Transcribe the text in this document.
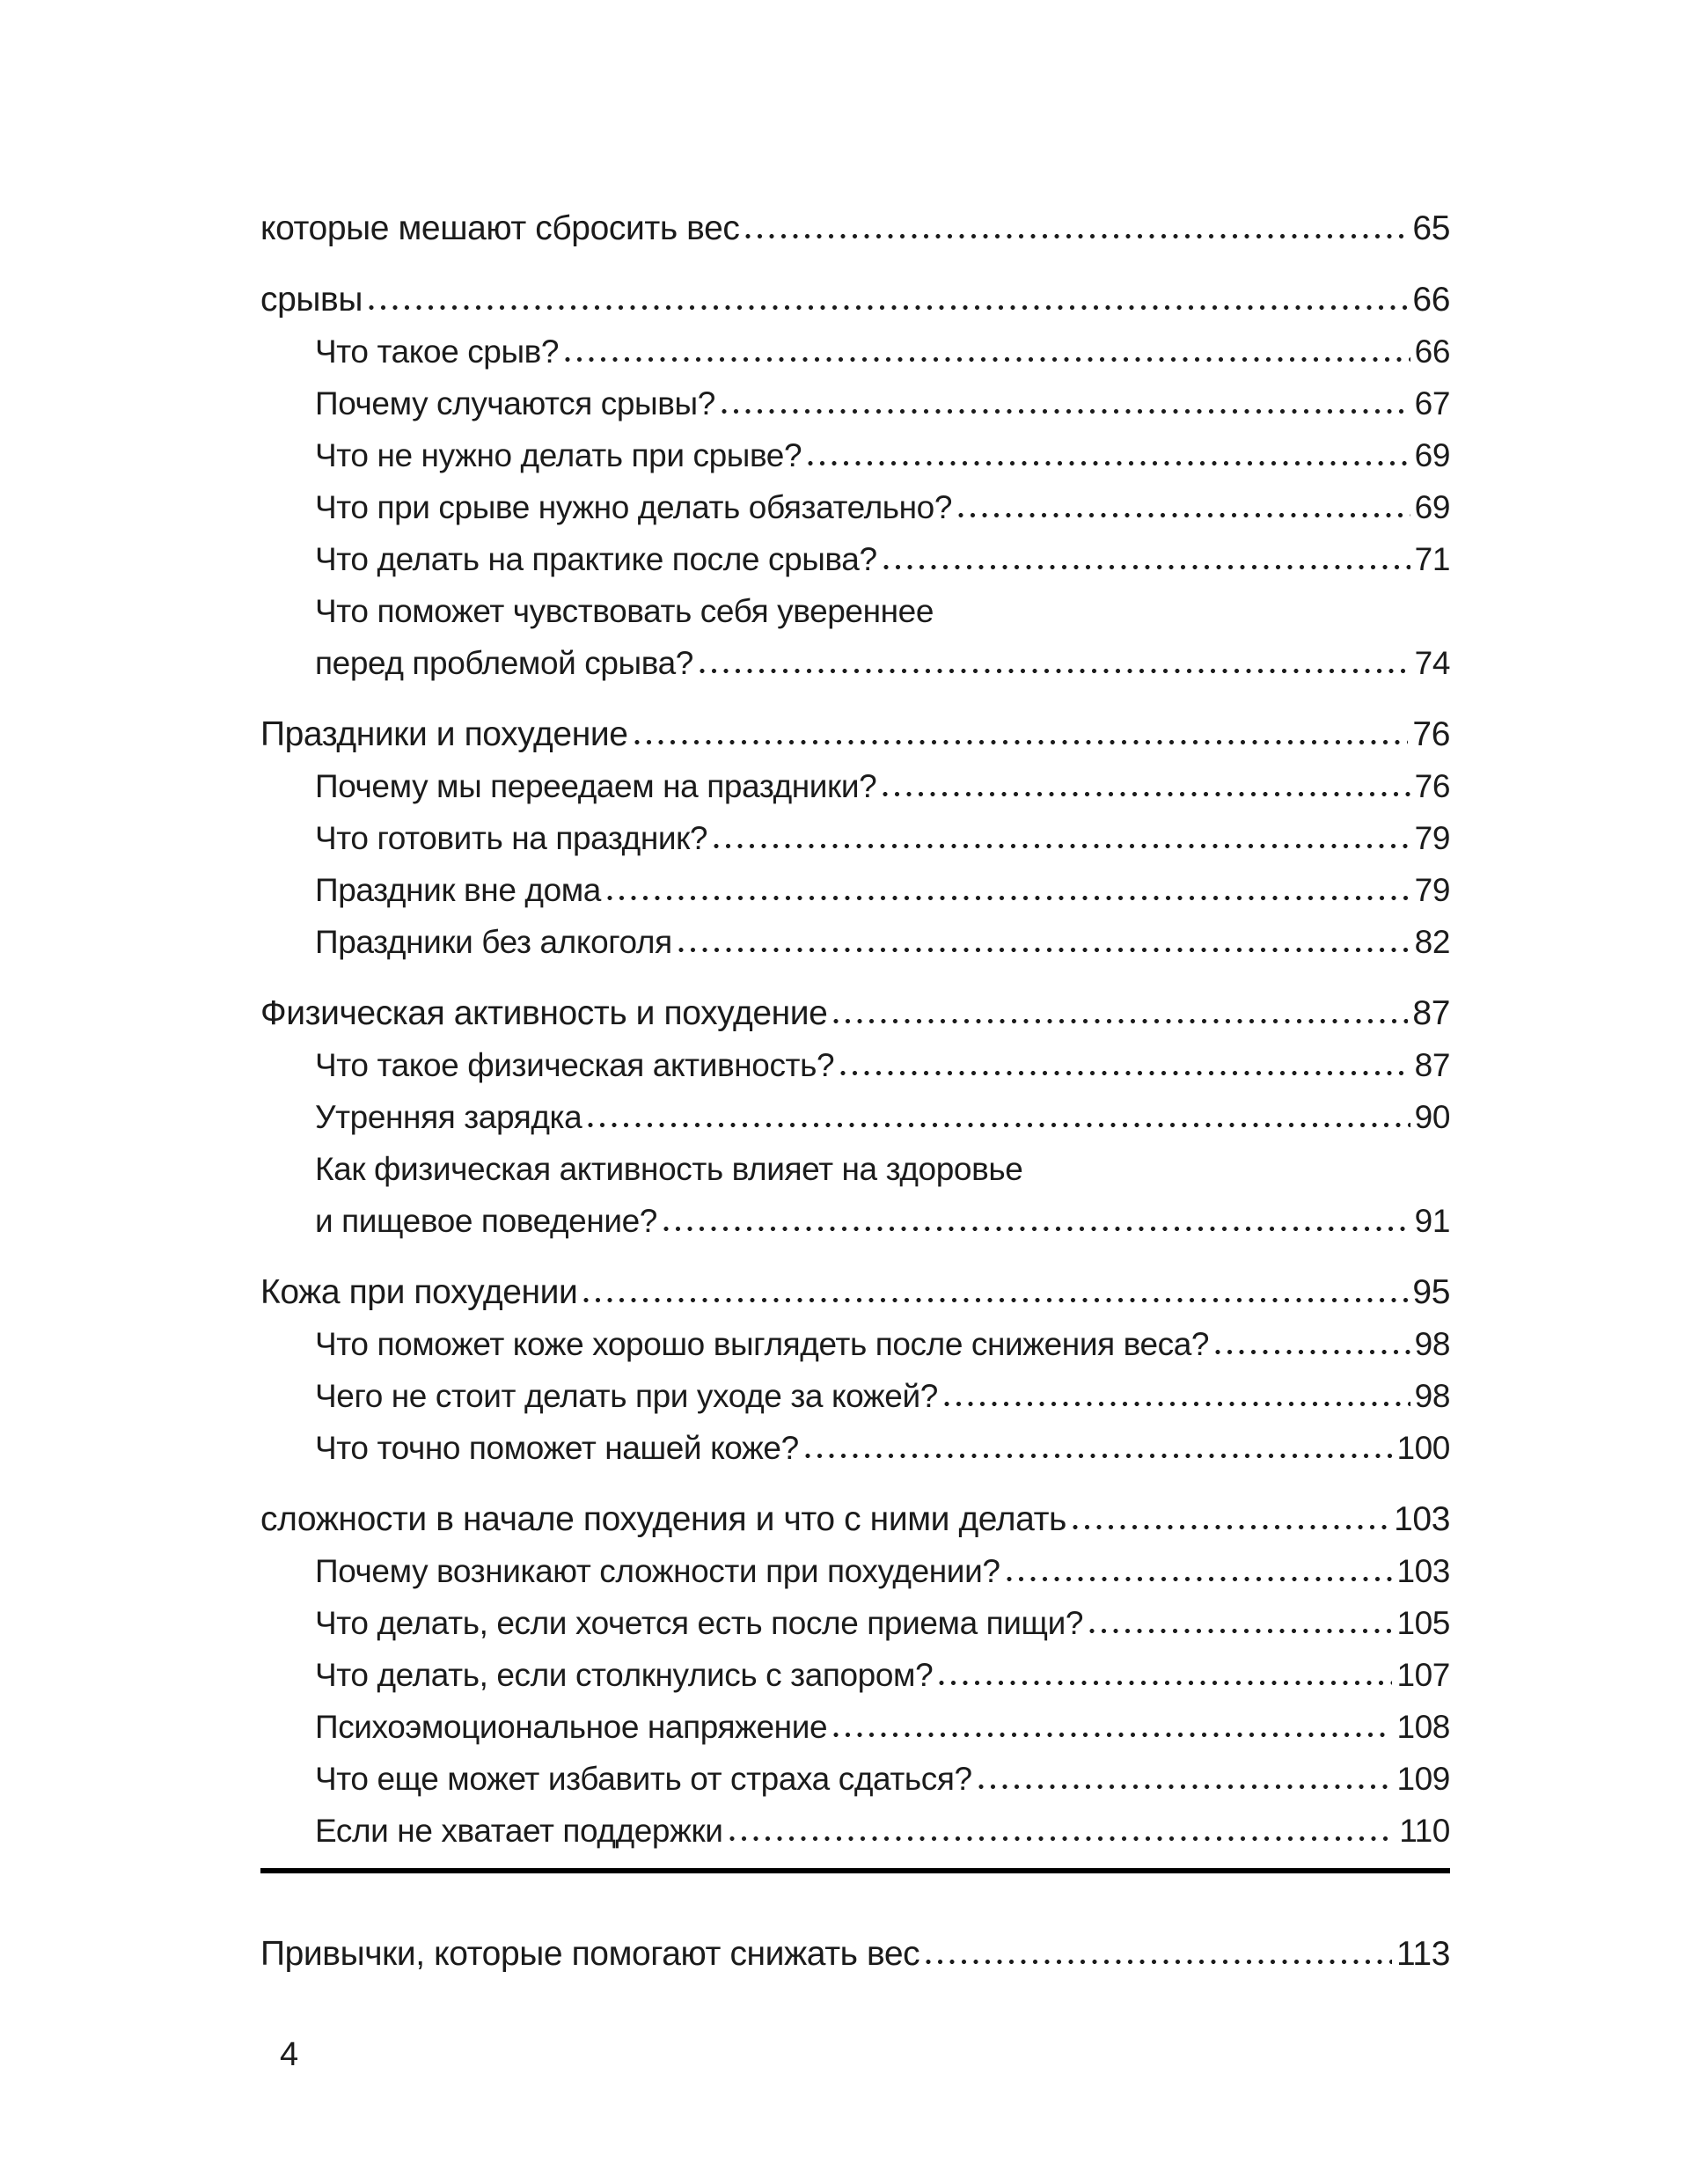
которые мешают сбросить вес	65
срывы	66
Что такое срыв?	66
Почему случаются срывы?	67
Что не нужно делать при срыве?	69
Что при срыве нужно делать обязательно?	69
Что делать на практике после срыва?	71
Что поможет чувствовать себя увереннее
перед проблемой срыва?	74
Праздники и похудение	76
Почему мы переедаем на праздники?	76
Что готовить на праздник?	79
Праздник вне дома	79
Праздники без алкоголя	82
Физическая активность и похудение	87
Что такое физическая активность?	87
Утренняя зарядка	90
Как физическая активность влияет на здоровье
и пищевое поведение?	91
Кожа при похудении	95
Что поможет коже хорошо выглядеть после снижения веса?	98
Чего не стоит делать при уходе за кожей?	98
Что точно поможет нашей коже?	100
сложности в начале похудения и что с ними делать	103
Почему возникают сложности при похудении?	103
Что делать, если хочется есть после приема пищи?	105
Что делать, если столкнулись с запором?	107
Психоэмоциональное напряжение	108
Что еще может избавить от страха сдаться?	109
Если не хватает поддержки	110
Привычки, которые помогают снижать вес	113
4
